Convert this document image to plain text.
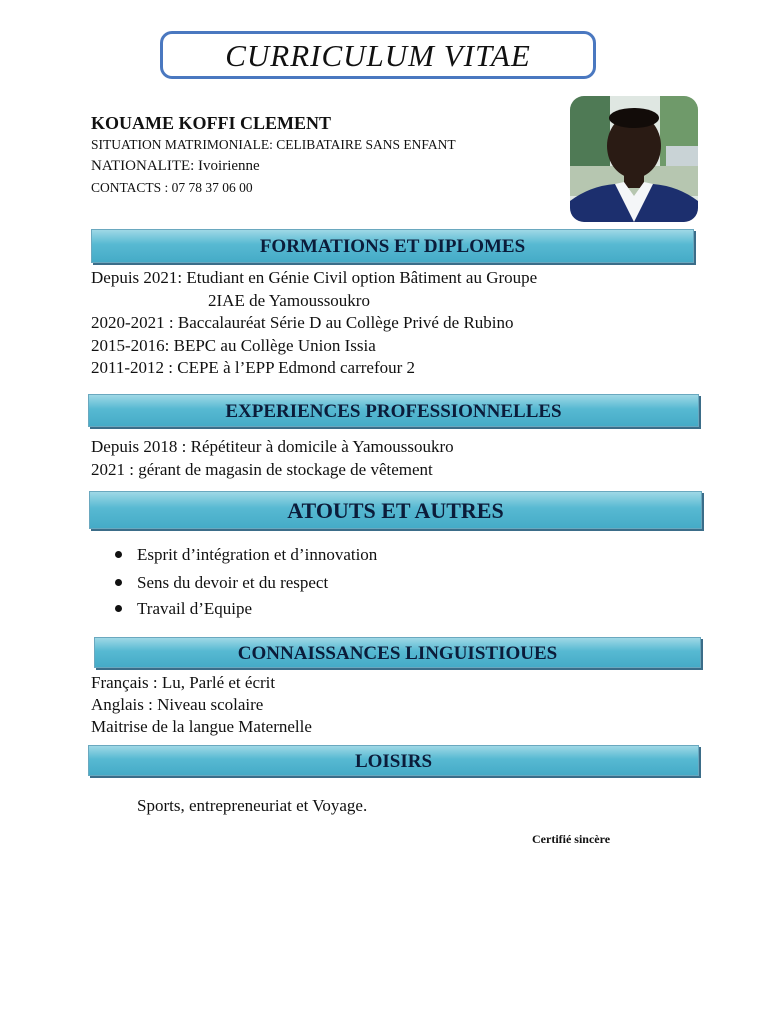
CURRICULUM VITAE
KOUAME KOFFI CLEMENT
SITUATION MATRIMONIALE: CELIBATAIRE SANS ENFANT
NATIONALITE: Ivoirienne
CONTACTS : 07 78 37 06 00
FORMATIONS ET DIPLOMES
Depuis 2021: Etudiant en Génie Civil option Bâtiment au Groupe
2IAE de Yamoussoukro
2020-2021 : Baccalauréat Série D au Collège Privé de Rubino
2015-2016: BEPC au Collège Union Issia
2011-2012 : CEPE à l’EPP Edmond carrefour 2
EXPERIENCES PROFESSIONNELLES
Depuis 2018 : Répétiteur à domicile à Yamoussoukro
2021 : gérant de magasin de stockage de vêtement
ATOUTS ET AUTRES
Esprit d’intégration et d’innovation
Sens du devoir et du respect
Travail d’Equipe
CONNAISSANCES LINGUISTIOUES
Français : Lu, Parlé et écrit
Anglais : Niveau scolaire
Maitrise de la langue Maternelle
LOISIRS
Sports, entrepreneuriat et Voyage.
Certifié sincère
